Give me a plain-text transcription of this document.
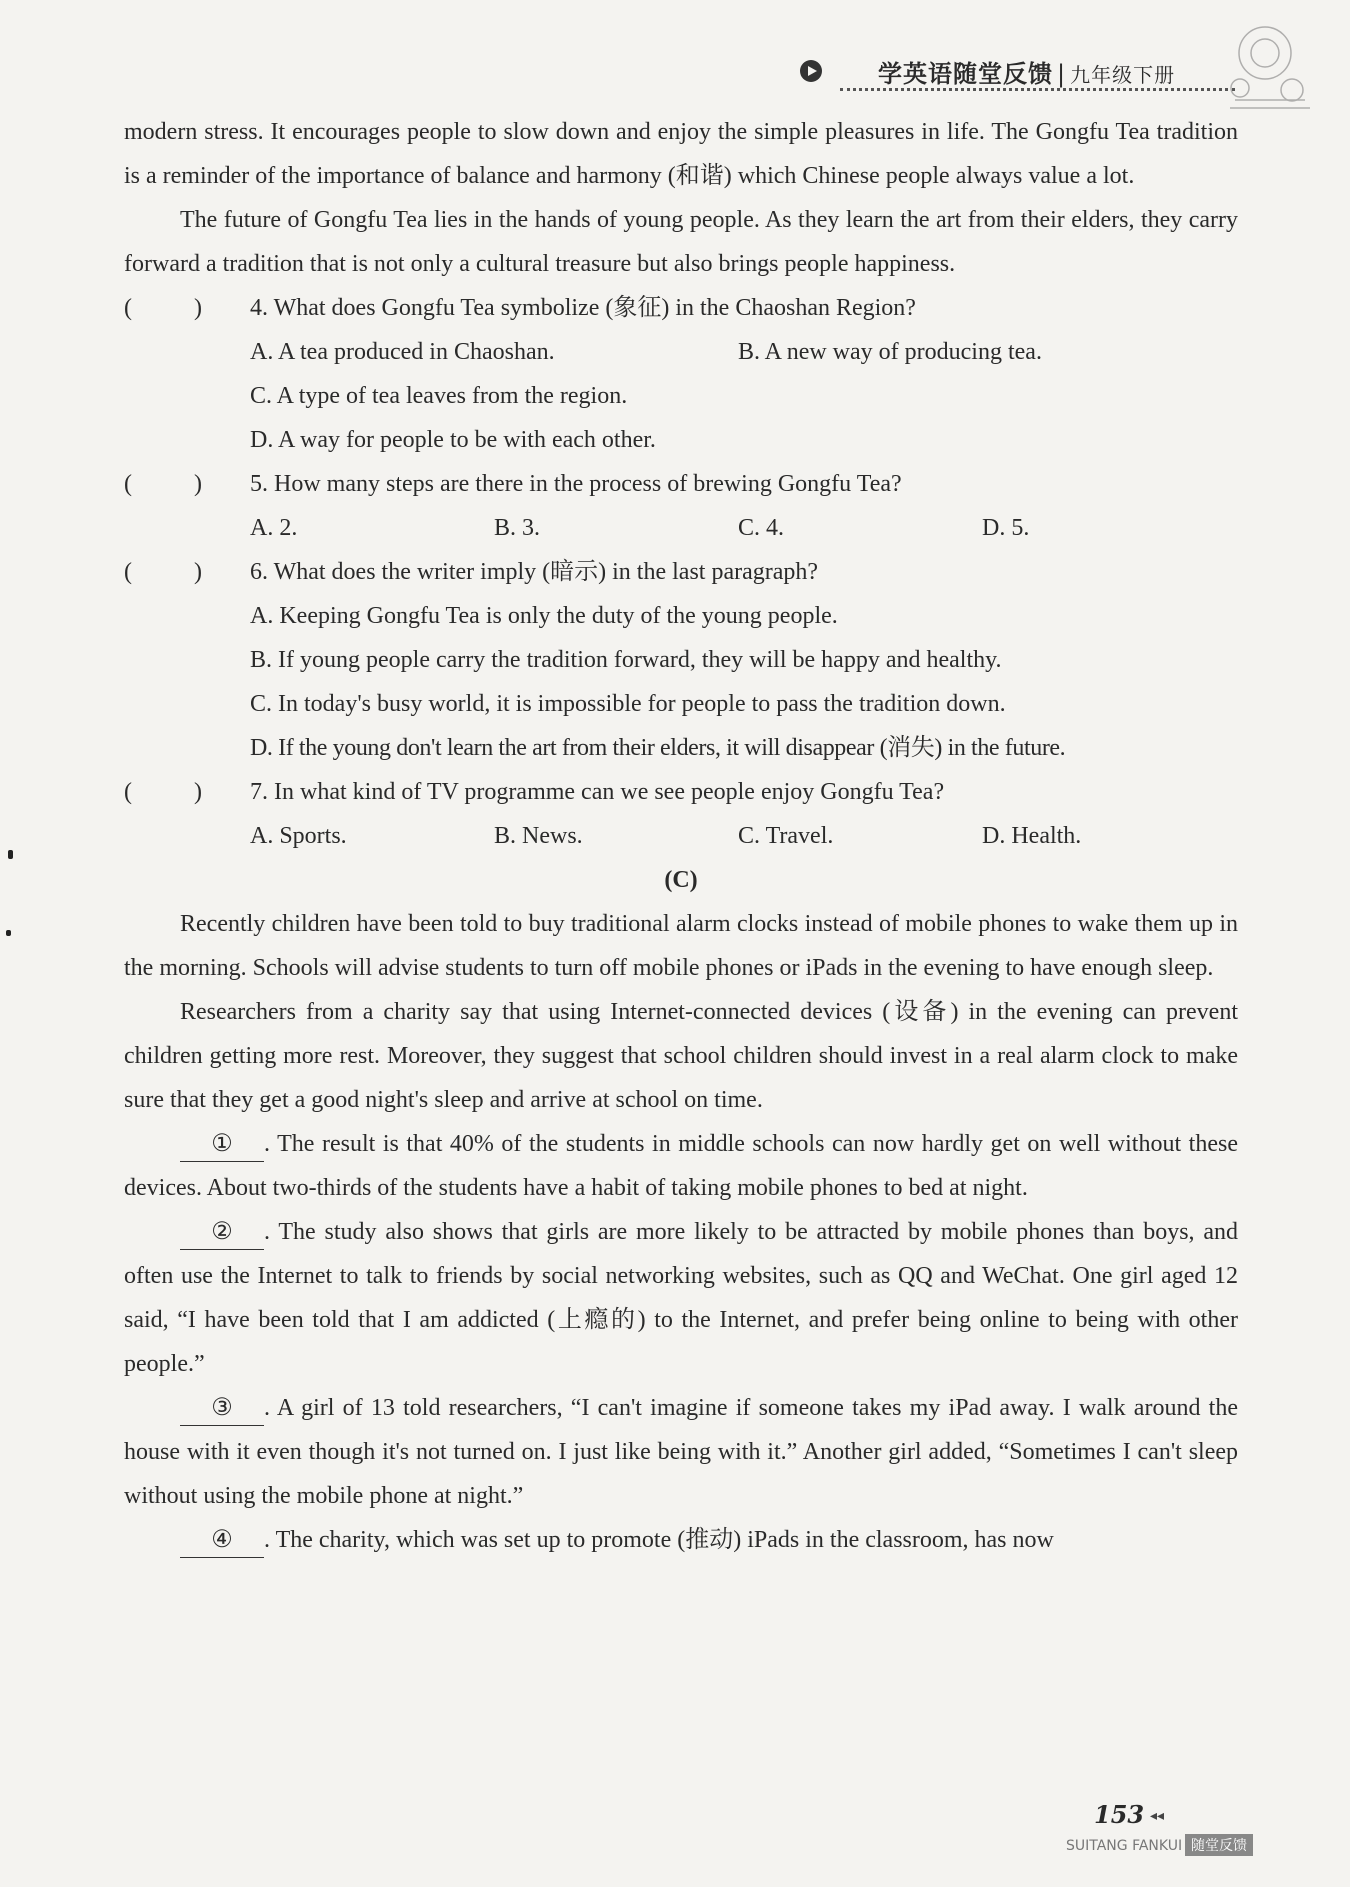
学英语随堂反馈 | 九年级下册

modern stress. It encourages people to slow down and enjoy the simple pleasures in life. The Gongfu Tea tradition is a reminder of the importance of balance and harmony (和谐) which Chinese people always value a lot.

The future of Gongfu Tea lies in the hands of young people. As they learn the art from their elders, they carry forward a tradition that is not only a cultural treasure but also brings people happiness.

(	) 4. What does Gongfu Tea symbolize (象征) in the Chaoshan Region?
A. A tea produced in Chaoshan.	B. A new way of producing tea.
C. A type of tea leaves from the region.
D. A way for people to be with each other.
(	) 5. How many steps are there in the process of brewing Gongfu Tea?
A. 2.	B. 3.	C. 4.	D. 5.
(	) 6. What does the writer imply (暗示) in the last paragraph?
A. Keeping Gongfu Tea is only the duty of the young people.
B. If young people carry the tradition forward, they will be happy and healthy.
C. In today's busy world, it is impossible for people to pass the tradition down.
D. If the young don't learn the art from their elders, it will disappear (消失) in the future.
(	) 7. In what kind of TV programme can we see people enjoy Gongfu Tea?
A. Sports.	B. News.	C. Travel.	D. Health.
(C)

Recently children have been told to buy traditional alarm clocks instead of mobile phones to wake them up in the morning. Schools will advise students to turn off mobile phones or iPads in the evening to have enough sleep.

Researchers from a charity say that using Internet-connected devices (设备) in the evening can prevent children getting more rest. Moreover, they suggest that school children should invest in a real alarm clock to make sure that they get a good night's sleep and arrive at school on time.

① . The result is that 40% of the students in middle schools can now hardly get on well without these devices. About two-thirds of the students have a habit of taking mobile phones to bed at night.

② . The study also shows that girls are more likely to be attracted by mobile phones than boys, and often use the Internet to talk to friends by social networking websites, such as QQ and WeChat. One girl aged 12 said, “I have been told that I am addicted (上瘾的) to the Internet, and prefer being online to being with other people.”

③ . A girl of 13 told researchers, “I can't imagine if someone takes my iPad away. I walk around the house with it even though it's not turned on. I just like being with it.” Another girl added, “Sometimes I can't sleep without using the mobile phone at night.”

④ . The charity, which was set up to promote (推动) iPads in the classroom, has now

153 ◂◂
SUITANG FANKUI 随堂反馈
